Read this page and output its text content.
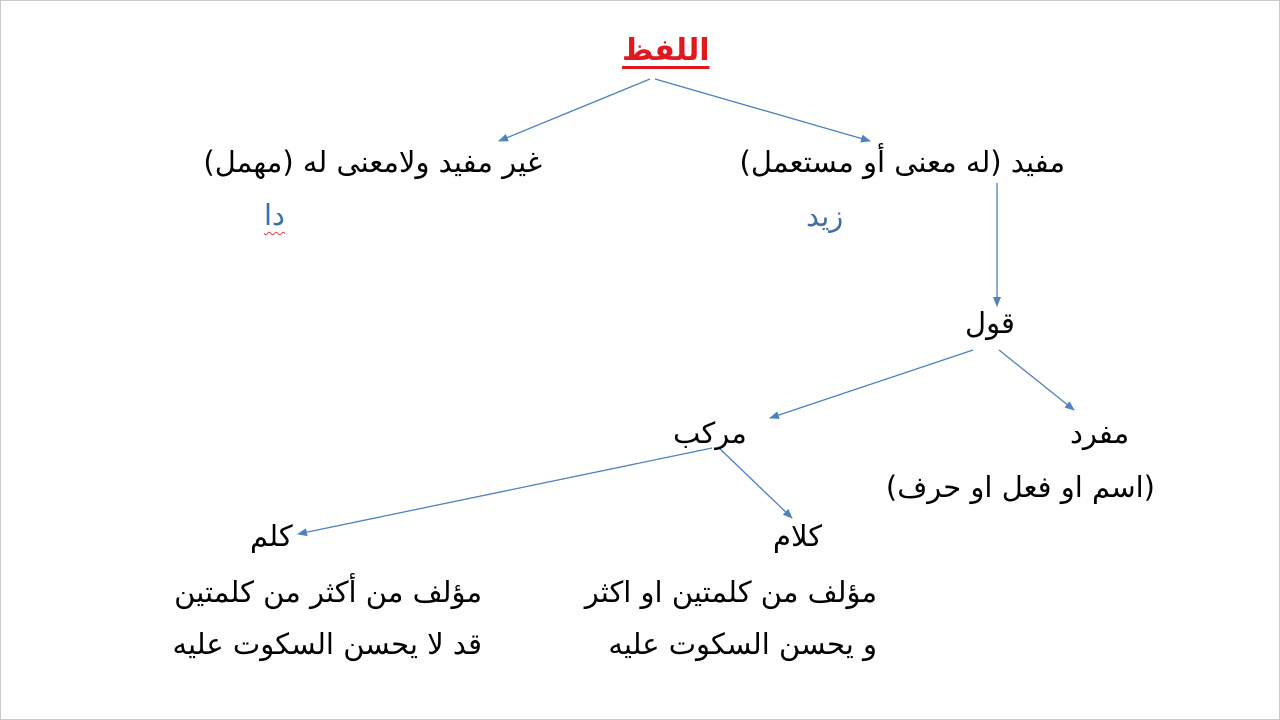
اللفظ
مفيد (له معنى أو مستعمل)
غير مفيد ولامعنى له (مهمل)
زيد
دا
قول
مفرد
(اسم او فعل او حرف)
مركب
كلام
مؤلف من كلمتين او اكثر
و يحسن السكوت عليه
كلم
مؤلف من أكثر من كلمتين
قد لا يحسن السكوت عليه
